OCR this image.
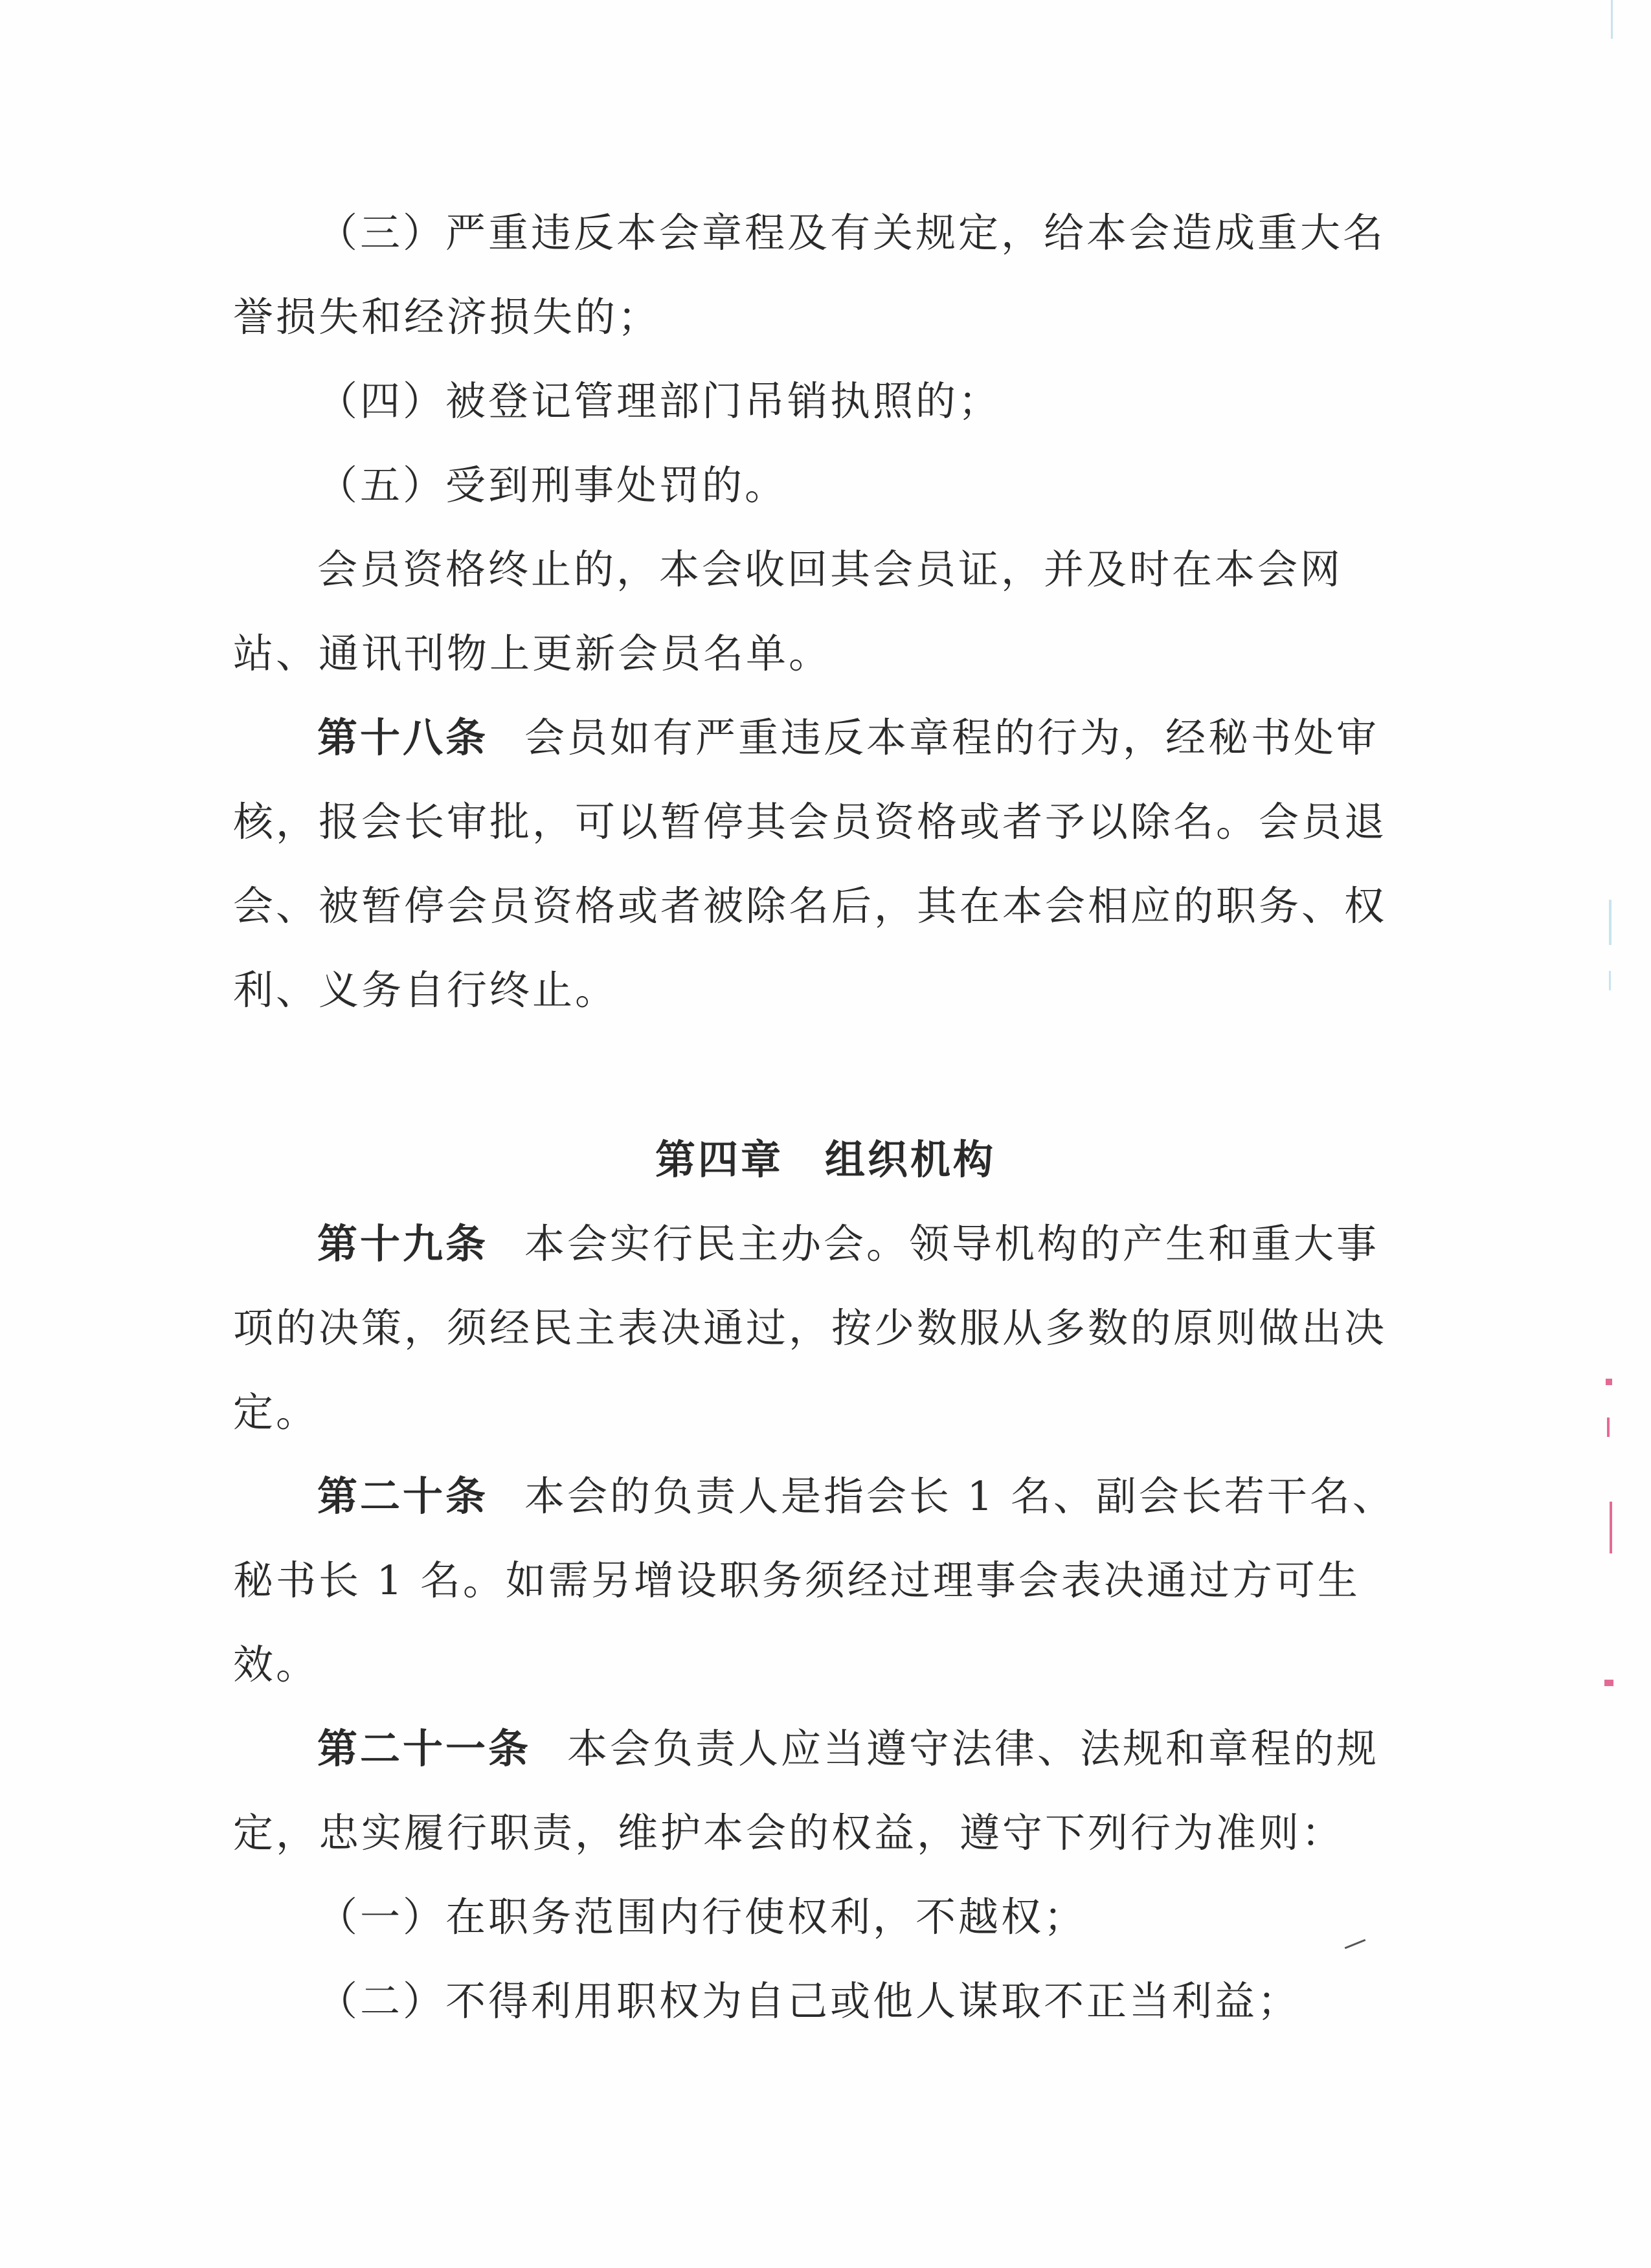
（三）严重违反本会章程及有关规定，给本会造成重大名
誉损失和经济损失的；
（四）被登记管理部门吊销执照的；
（五）受到刑事处罚的。
会员资格终止的，本会收回其会员证，并及时在本会网
站、通讯刊物上更新会员名单。
第十八条 会员如有严重违反本章程的行为，经秘书处审
核，报会长审批，可以暂停其会员资格或者予以除名。会员退
会、被暂停会员资格或者被除名后，其在本会相应的职务、权
利、义务自行终止。
第四章 组织机构
第十九条 本会实行民主办会。领导机构的产生和重大事
项的决策，须经民主表决通过，按少数服从多数的原则做出决
定。
第二十条 本会的负责人是指会长 1 名、副会长若干名、
秘书长 1 名。如需另增设职务须经过理事会表决通过方可生
效。
第二十一条 本会负责人应当遵守法律、法规和章程的规
定，忠实履行职责，维护本会的权益，遵守下列行为准则：
（一）在职务范围内行使权利，不越权；
（二）不得利用职权为自己或他人谋取不正当利益；
